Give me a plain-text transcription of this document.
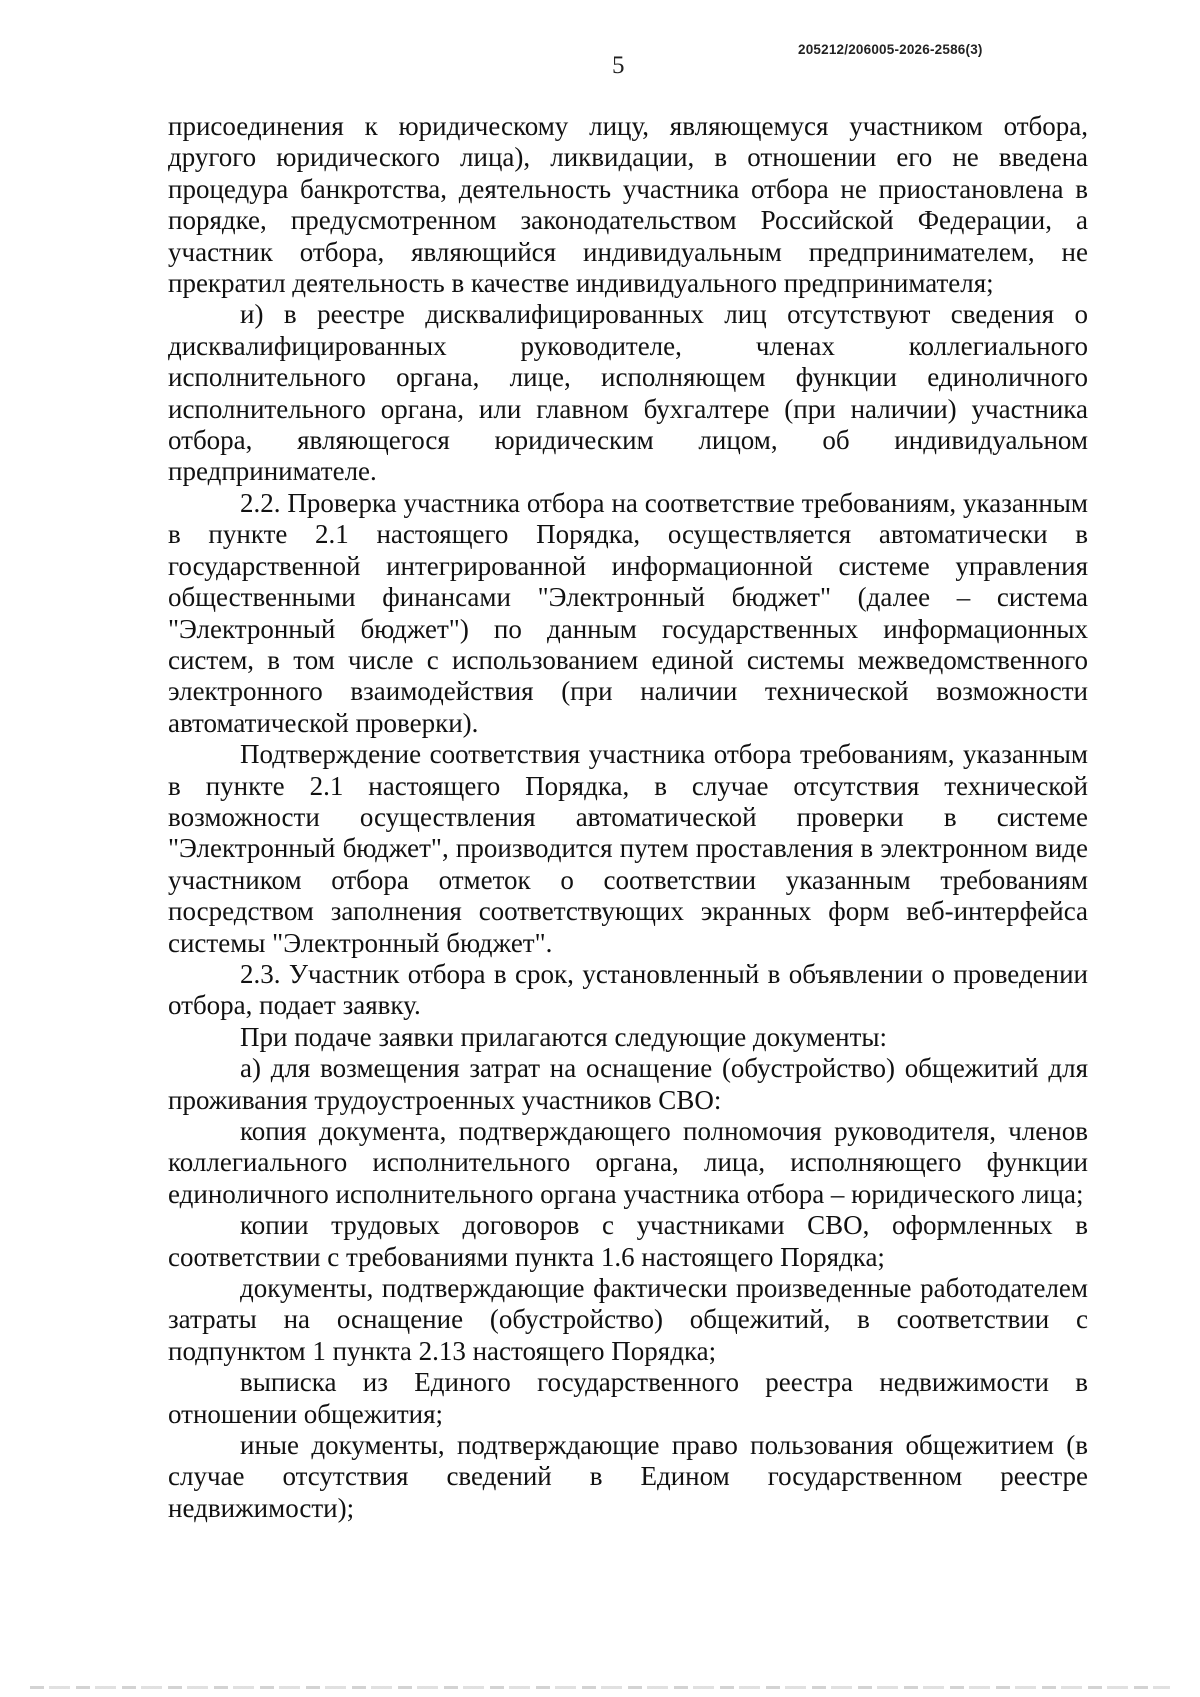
205212/206005-2026-2586(3)
5

присоединения к юридическому лицу, являющемуся участником отбора, другого юридического лица), ликвидации, в отношении его не введена процедура банкротства, деятельность участника отбора не приостановлена в порядке, предусмотренном законодательством Российской Федерации, а участник отбора, являющийся индивидуальным предпринимателем, не прекратил деятельность в качестве индивидуального предпринимателя;

и) в реестре дисквалифицированных лиц отсутствуют сведения о дисквалифицированных руководителе, членах коллегиального исполнительного органа, лице, исполняющем функции единоличного исполнительного органа, или главном бухгалтере (при наличии) участника отбора, являющегося юридическим лицом, об индивидуальном предпринимателе.

2.2. Проверка участника отбора на соответствие требованиям, указанным в пункте 2.1 настоящего Порядка, осуществляется автоматически в государственной интегрированной информационной системе управления общественными финансами "Электронный бюджет" (далее – система "Электронный бюджет") по данным государственных информационных систем, в том числе с использованием единой системы межведомственного электронного взаимодействия (при наличии технической возможности автоматической проверки).

Подтверждение соответствия участника отбора требованиям, указанным в пункте 2.1 настоящего Порядка, в случае отсутствия технической возможности осуществления автоматической проверки в системе "Электронный бюджет", производится путем проставления в электронном виде участником отбора отметок о соответствии указанным требованиям посредством заполнения соответствующих экранных форм веб-интерфейса системы "Электронный бюджет".

2.3. Участник отбора в срок, установленный в объявлении о проведении отбора, подает заявку.

При подаче заявки прилагаются следующие документы:

а) для возмещения затрат на оснащение (обустройство) общежитий для проживания трудоустроенных участников СВО:

копия документа, подтверждающего полномочия руководителя, членов коллегиального исполнительного органа, лица, исполняющего функции единоличного исполнительного органа участника отбора – юридического лица;

копии трудовых договоров с участниками СВО, оформленных в соответствии с требованиями пункта 1.6 настоящего Порядка;

документы, подтверждающие фактически произведенные работодателем затраты на оснащение (обустройство) общежитий, в соответствии с подпунктом 1 пункта 2.13 настоящего Порядка;

выписка из Единого государственного реестра недвижимости в отношении общежития;

иные документы, подтверждающие право пользования общежитием (в случае отсутствия сведений в Едином государственном реестре недвижимости);
